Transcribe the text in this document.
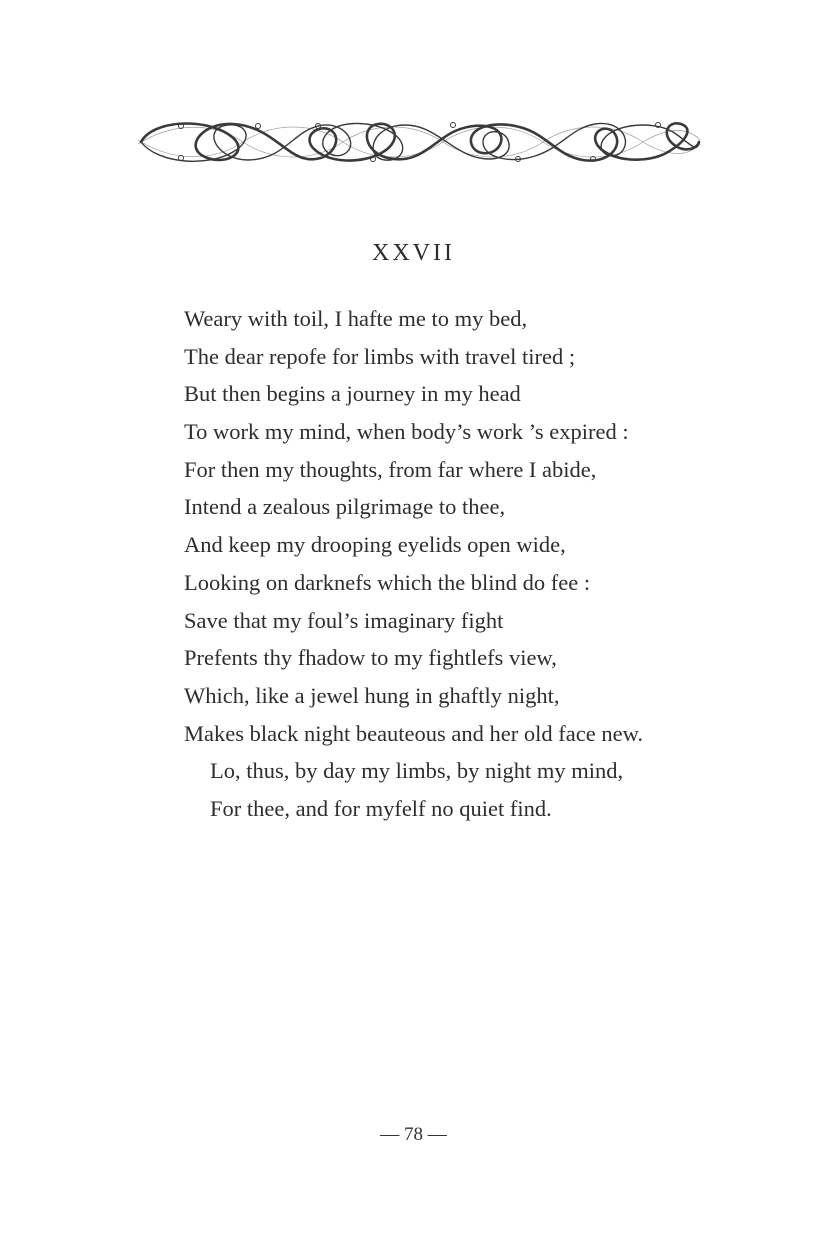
XXVII
Weary with toil, I hafte me to my bed,
The dear repofe for limbs with travel tired ;
But then begins a journey in my head
To work my mind, when body’s work ’s expired :
For then my thoughts, from far where I abide,
Intend a zealous pilgrimage to thee,
And keep my drooping eyelids open wide,
Looking on darknefs which the blind do fee :
Save that my foul’s imaginary fight
Prefents thy fhadow to my fightlefs view,
Which, like a jewel hung in ghaftly night,
Makes black night beauteous and her old face new.
Lo, thus, by day my limbs, by night my mind,
For thee, and for myfelf no quiet find.
— 78 —
